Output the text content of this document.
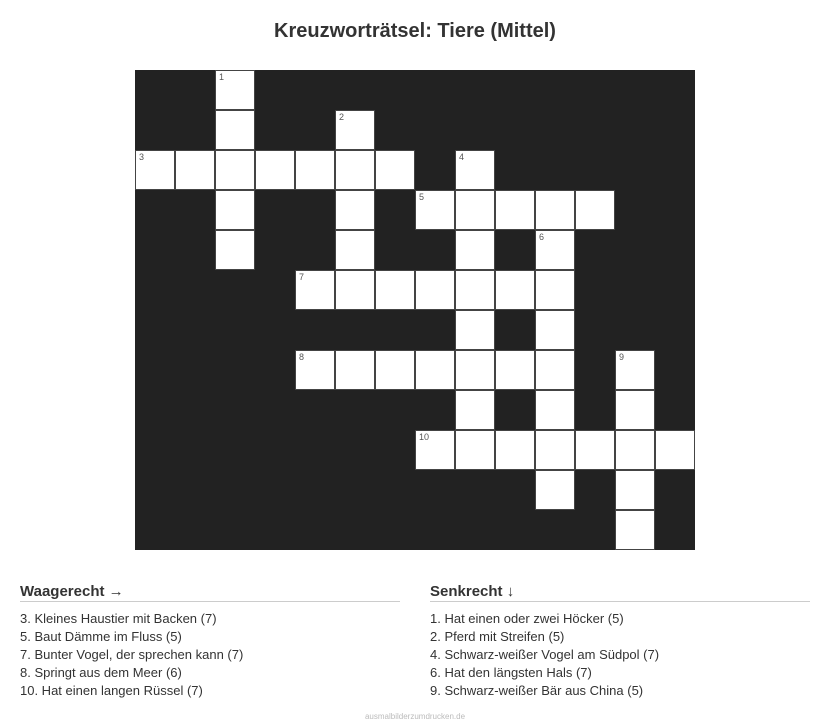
Kreuzworträtsel: Tiere (Mittel)
1
2
3	4
5
6
7
8	9
10
Waagerecht →
3. Kleines Haustier mit Backen (7)
5. Baut Dämme im Fluss (5)
7. Bunter Vogel, der sprechen kann (7)
8. Springt aus dem Meer (6)
10. Hat einen langen Rüssel (7)
Senkrecht ↓
1. Hat einen oder zwei Höcker (5)
2. Pferd mit Streifen (5)
4. Schwarz-weißer Vogel am Südpol (7)
6. Hat den längsten Hals (7)
9. Schwarz-weißer Bär aus China (5)
ausmalbilderzumdrucken.de
